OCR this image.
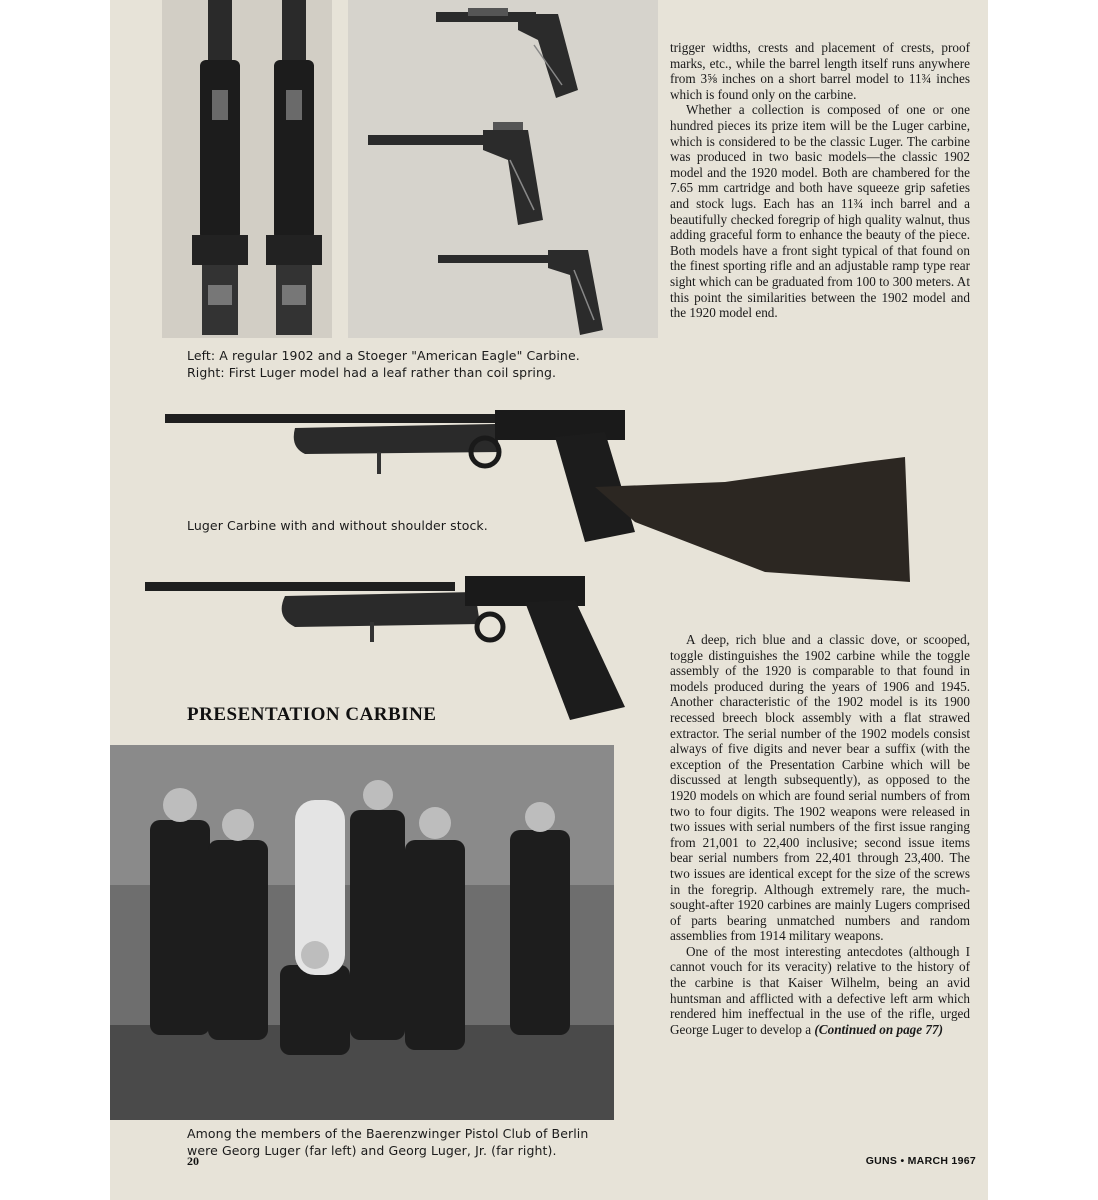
Left: A regular 1902 and a Stoeger "American Eagle" Carbine.
Right: First Luger model had a leaf rather than coil spring.
Luger Carbine with and without shoulder stock.
PRESENTATION CARBINE
Among the members of the Baerenzwinger Pistol Club of Berlin
were Georg Luger (far left) and Georg Luger, Jr. (far right).

trigger widths, crests and placement of crests, proof marks, etc., while the barrel length itself runs anywhere from 3⅝ inches on a short barrel model to 11¾ inches which is found only on the carbine.

Whether a collection is composed of one or one hundred pieces its prize item will be the Luger carbine, which is considered to be the classic Luger. The carbine was produced in two basic models—the classic 1902 model and the 1920 model. Both are chambered for the 7.65 mm cartridge and both have squeeze grip safeties and stock lugs. Each has an 11¾ inch barrel and a beautifully checked foregrip of high quality walnut, thus adding graceful form to enhance the beauty of the piece. Both models have a front sight typical of that found on the finest sporting rifle and an adjustable ramp type rear sight which can be graduated from 100 to 300 meters. At this point the similarities between the 1902 model and the 1920 model end.

A deep, rich blue and a classic dove, or scooped, toggle distinguishes the 1902 carbine while the toggle assembly of the 1920 is comparable to that found in models produced during the years of 1906 and 1945. Another characteristic of the 1902 model is its 1900 recessed breech block assembly with a flat strawed extractor. The serial number of the 1902 models consist always of five digits and never bear a suffix (with the exception of the Presentation Carbine which will be discussed at length subsequently), as opposed to the 1920 models on which are found serial numbers of from two to four digits. The 1902 weapons were released in two issues with serial numbers of the first issue ranging from 21,001 to 22,400 inclusive; second issue items bear serial numbers from 22,401 through 23,400. The two issues are identical except for the size of the screws in the foregrip. Although extremely rare, the much-sought-after 1920 carbines are mainly Lugers comprised of parts bearing unmatched numbers and random assemblies from 1914 military weapons.

One of the most interesting antecdotes (although I cannot vouch for its veracity) relative to the history of the carbine is that Kaiser Wilhelm, being an avid huntsman and afflicted with a defective left arm which rendered him ineffectual in the use of the rifle, urged George Luger to develop a (Continued on page 77)

20	GUNS • MARCH 1967
